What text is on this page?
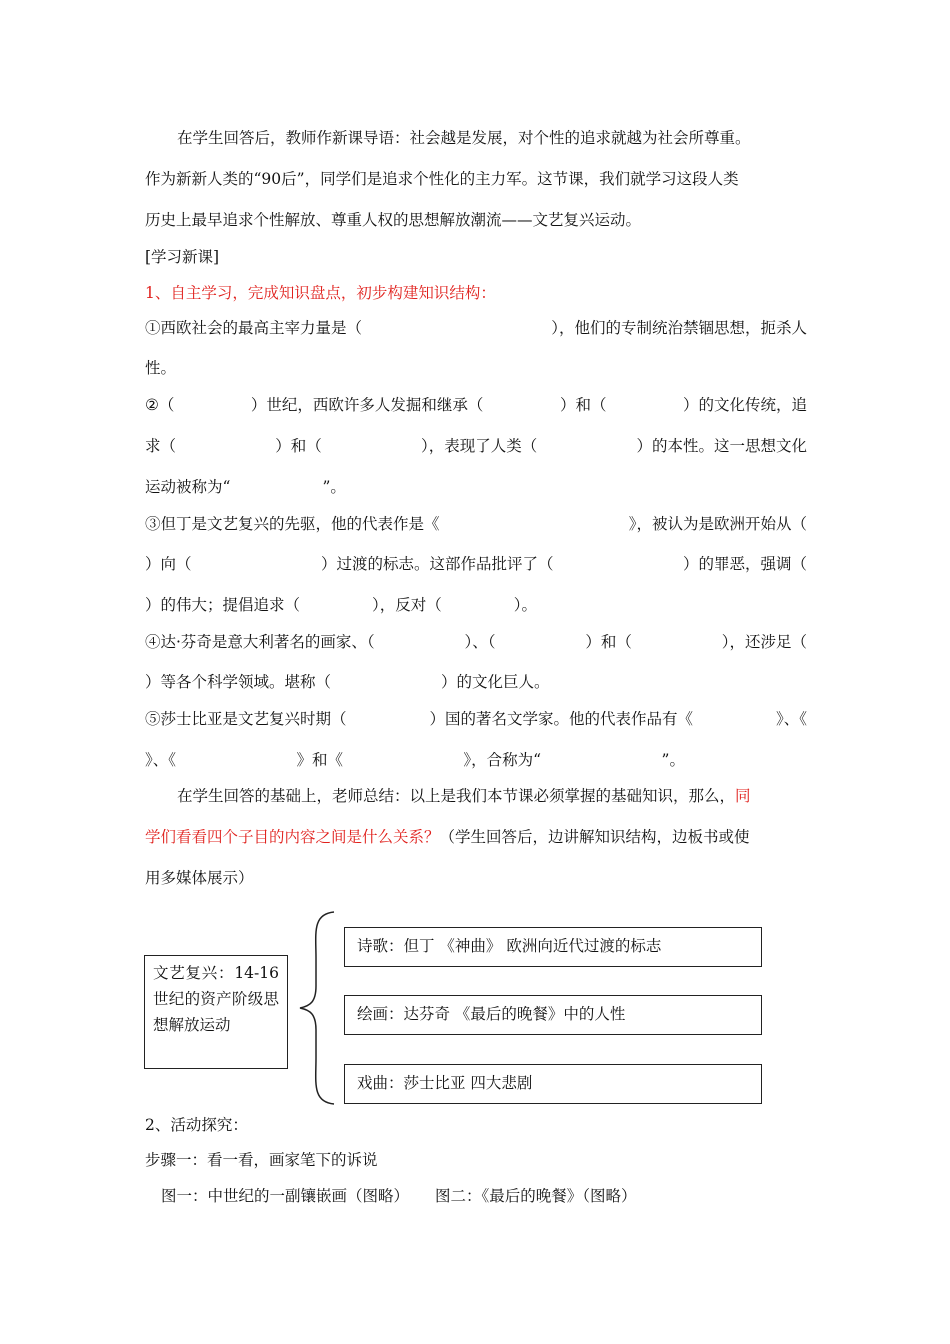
在学生回答后，教师作新课导语：社会越是发展，对个性的追求就越为社会所尊重。
作为新新人类的“90后”，同学们是追求个性化的主力军。这节课，我们就学习这段人类
历史上最早追求个性解放、尊重人权的思想解放潮流——文艺复兴运动。
[学习新课]
1、自主学习，完成知识盘点，初步构建知识结构：
①西欧社会的最高主宰力量是（	），他们的专制统治禁锢思想，扼杀人
性。
②（	）世纪，西欧许多人发掘和继承（	）和（	）的文化传统，追
求（	）和（	），表现了人类（	）的本性。这一思想文化
运动被称为“	”。
③但丁是文艺复兴的先驱，他的代表作是《	》，被认为是欧洲开始从（
）向（	）过渡的标志。这部作品批评了（	）的罪恶，强调（
）的伟大；提倡追求（	），反对（	）。
④达·芬奇是意大利著名的画家、（	）、（	）和（	），还涉足（
）等各个科学领域。堪称（	）的文化巨人。
⑤莎士比亚是文艺复兴时期（	）国的著名文学家。他的代表作品有《	》、《
》、《	》和《	》，合称为“	”。
在学生回答的基础上，老师总结：以上是我们本节课必须掌握的基础知识，那么，同
学们看看四个子目的内容之间是什么关系？（学生回答后，边讲解知识结构，边板书或使
用多媒体展示）
文艺复兴：14-16世纪的资产阶级思想解放运动
诗歌：但丁 《神曲》 欧洲向近代过渡的标志
绘画：达芬奇 《最后的晚餐》中的人性
戏曲：莎士比亚 四大悲剧
2、活动探究：
步骤一：看一看，画家笔下的诉说
图一：中世纪的一副镶嵌画（图略） 图二：《最后的晚餐》（图略）
